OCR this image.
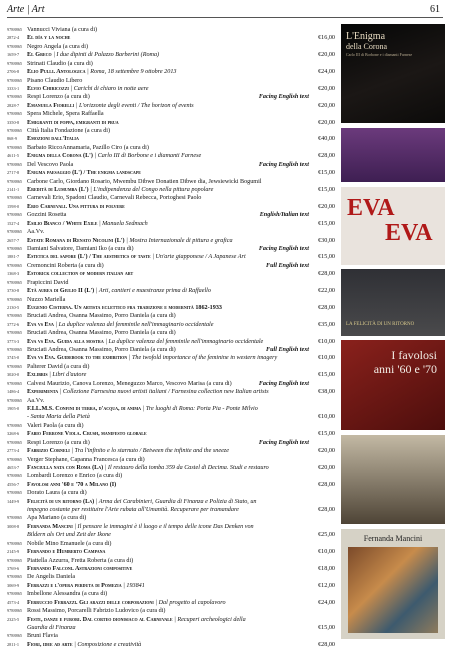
Arte | Art	61
9788865 Vannucci Viviana (a cura di)
2872-4	El día y la noche	€16,00
9788865 Negro Angela (a cura di)
1659-7	El Greco | I due dipinti di Palazzo Barberini (Roma)	€20,00
9788865 Strinati Claudio (a cura di)
2706-8	Elio Pulli. Antologica | Roma, 18 settembre 9 ottobre 2013	€24,00
9788865 Pisano Claudio Libero
3333-1	Elvio Chiricozzi | Carichi di chiaro in notte aere	€20,00
9788865 Respi Lorenzo (a cura di)	Facing English text
2828-7	Emanuela Fiorelli | L'orizzonte degli eventi / The horizon of events	€20,00
9788865 Spera Michele, Spera Raffaella
3350-8	Emigranti di poppa, emigranti di prua	€20,00
9788865 Città Italia Fondazione (a cura di)
868-9	Emozioni dall'Italia	€40,00
9788865 Barbato RiccoAnnamaria, Pazillo Ciro (a cura di)
4611-5	Enigma della Corona (L') | Carlo III di Borbone e i diamanti Farnese	€28,00
9788865 Del Vescovo Paola	Facing English text
2717-8	Enigma paesaggio (L') / The enigma landscape	€15,00
9788865 Carbone Carlo, Giordano Rosario, Mwembu Dibwe Donatien Dibwe dia, Jewsiewicki Bogumil
2141-1	Eredità di Lumumba (L') | L'indipendenza del Congo nella pittura popolare	€15,00
9788865 Carnevali Erio, Spadoni Claudio, Carnevali Rebecca, Portoghesi Paolo
1598-0	Erio Carnevali. Una pittura di polvere	€20,00
9788865 Gozzini Rosetta	English/Italian text
1527-4	Esilio Bianco / White Exile | Manuela Sedmach	€15,00
9788865 Aa.Vv.
2657-7	Estate Romana di Renato Nicolini (L') | Mostra Internazionale di pittura e grafica	€30,00
9788865 Damiani Salvatore, Damiani Iko (a cura di)	Facing English text
1881-7	Estetica del sapore (L') / The aesthetics of taste | Un'arte giapponese / A Japanese Art	€15,00
9788865 Cremoncini Roberta (a cura di)	Full English text
1368-3	Estorick collection of modern italian art	€28,00
9788865 Frapiccini David
3730-8	Età aurea di Giulio II (L') | Arti, cantieri e maestranze prima di Raffaello	€22,00
9788865 Nuzzo Mariella
2130-5	Eugenio Cisterna. Un artista eclettico fra tradizione e modernità 1862-1933	€28,00
9788865 Bruciati Andrea, Osanna Massimo, Porro Daniela (a cura di)
3772-6	Eva vs Eva | La duplice valenza del femminile nell'immaginario occidentale	€35,00
9788865 Bruciati Andrea, Osanna Massimo, Porro Daniela (a cura di)
3773-3	Eva vs Eva. Guida alla mostra | La duplice valenza del femminile nell'immaginario occidentale	€10,00
9788865 Bruciati Andrea, Osanna Massimo, Porro Daniela (a cura di)	Full English text
3745-0	Eva vs Eva. Guidebook to the exhibition | The twofold importance of the feminine in western imagery	€10,00
9788865 Palterer David (a cura di)
3020-0	Exlibris | Libri d'autore	€15,00
9788865 Calvesi Maurizio, Canova Lorenzo, Meneguzzo Marco, Vescovo Marisa (a cura di)	Facing English text
1486-4	Experimenta | Collezione Farnesina nuovi artisti italiani / Farnesina collection new Italian artists	€38,00
9788865 Aa.Vv.
1905-0	F.LL.M.S. Confini di terra, d'acqua, di anima | Tre luoghi di Roma: Porta Pia - Ponte Milvio
- Santa Maria della Pietà	€10,00
9788865 Valeri Paola (a cura di)
3268-6	Fabio Ferrone Viola. Crush, manifesto globale	€15,00
9788865 Respi Lorenzo (a cura di)	Facing English text
2773-4	Fabrizio Corneli | Tra l'infinito e lo starnuto / Between the infinite and the sneeze	€20,00
9788865 Verger Stephane, Capanna Francesca (a cura di)
4653-7	Fanciulla nata con Roma (La) | Il restauro della tomba 359 da Castel di Decima. Studi e restauro	€20,00
9788865 Lombardi Lorenzo e Enrico (a cura di)
4556-7	Favolosi anni '60 e '70 a Milano (I)	€28,00
9788865 Dorato Laura (a cura di)
1449-9	Felicità di un ritorno (La) | Arma dei Carabinieri, Guardia di Finanza e Polizia di Stato, un
impegno costante per restituire l'Arte rubata all'Umanità. Recuperare per tramandare	€28,00
9788865 Apa Mariano (a cura di)
3008-8	Fernanda Mancini | Il pensare le immagini è il luogo e il tempo delle icone Das Denken von
Bildern als Ort und Zeit der Ikone	€25,00
9788865 Nobile Mino Emanuele (a cura di)
2145-9	Fernando e Humberto Campana	€10,00
9788865 Piattella Azzurra, Fretta Roberta (a cura di)
3769-6	Fernando Falconi. Astrazioni compositive	€18,00
9788865 De Angelis Daniela
3069-9	Ferrazzi e l'opera perduta di Pomezia | 193841	€12,00
9788865 Imbellone Alessandra (a cura di)
4573-4	Ferruccio Ferrazzi. Gli arazzi delle corporazioni | Dal progetto al capolavoro	€24,00
9788865 Rossi Massimo, Porcarelli Fabrizio Ludovico (a cura di)
2325-5	Feste, danze e furori. Dal corteo dionisiaco al Carnevale | Recuperi archeologici della
Guardia di Finanza	€15,00
9788865 Bruni Flavia
2811-1	Fiori, idee ad arte | Composizione e creatività	€28,00
L'Enigma
della Corona
Carlo III di Borbone e i diamanti Farnese
EVA
EVA
LA FELICITÀ DI UN RITORNO
I favolosi
anni '60 e '70
Fernanda Mancini
